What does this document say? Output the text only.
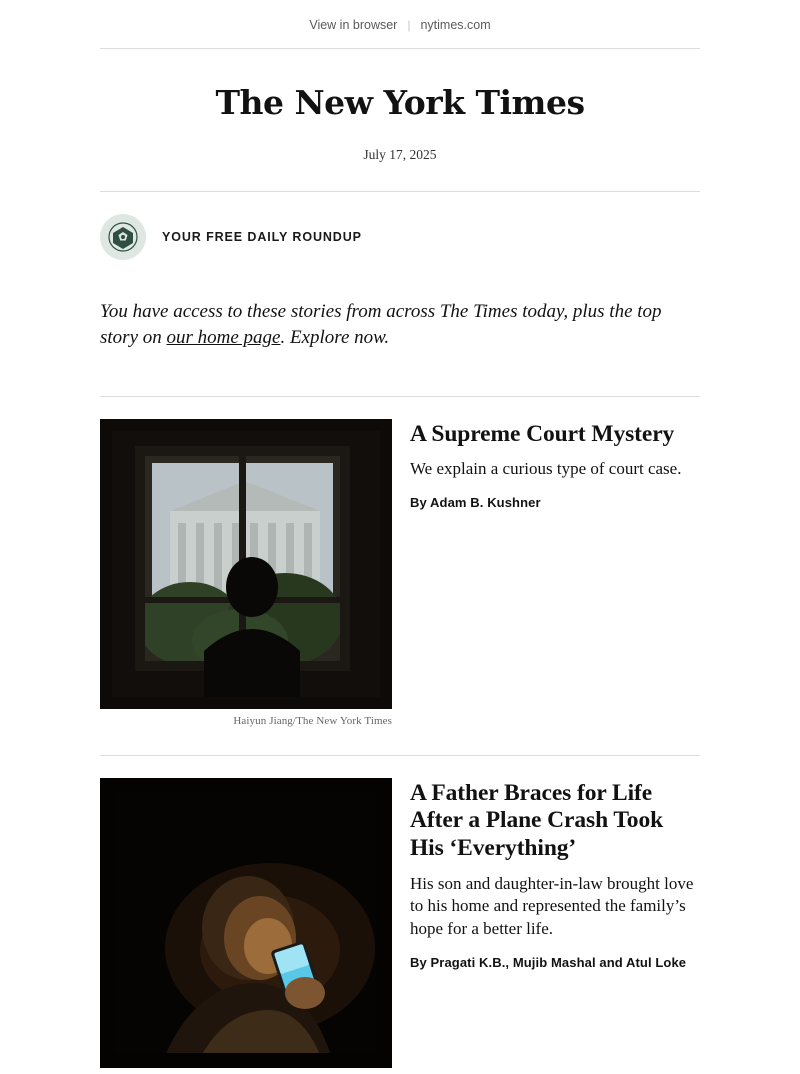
View in browser | nytimes.com
The New York Times
July 17, 2025
YOUR FREE DAILY ROUNDUP

You have access to these stories from across The Times today, plus the top story on our home page. Explore now.

Haiyun Jiang/The New York Times
A Supreme Court Mystery

We explain a curious type of court case.

By Adam B. Kushner
A Father Braces for Life After a Plane Crash Took His ‘Everything’

His son and daughter-in-law brought love to his home and represented the family’s hope for a better life.

By Pragati K.B., Mujib Mashal and Atul Loke
